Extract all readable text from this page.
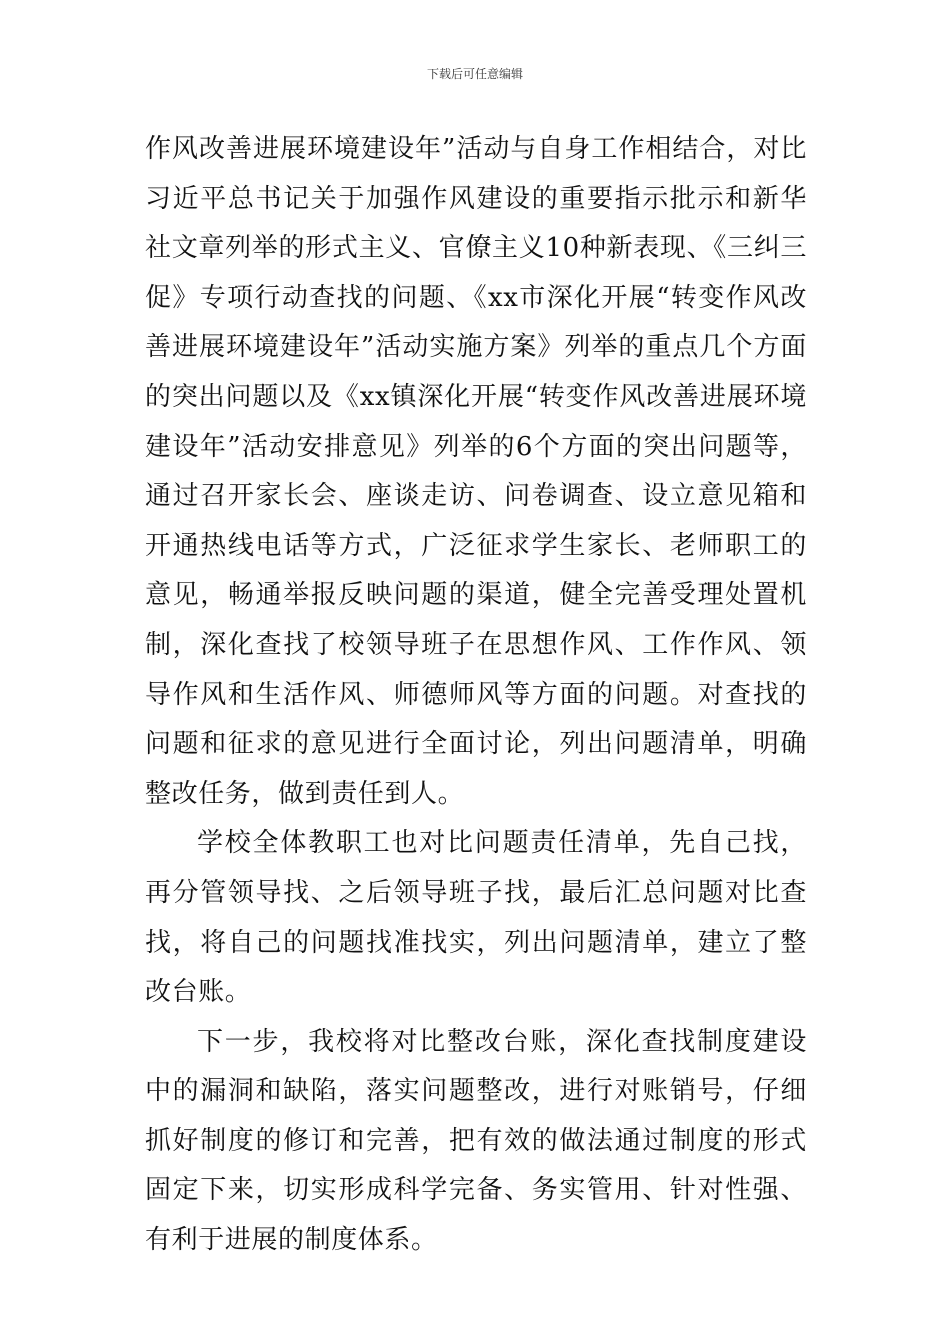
下载后可任意编辑

作风改善进展环境建设年”活动与自身工作相结合，对比习近平总书记关于加强作风建设的重要指示批示和新华社文章列举的形式主义、官僚主义10种新表现、《三纠三促》专项行动查找的问题、《xx市深化开展“转变作风改善进展环境建设年”活动实施方案》列举的重点几个方面的突出问题以及《xx镇深化开展“转变作风改善进展环境建设年”活动安排意见》列举的6个方面的突出问题等，通过召开家长会、座谈走访、问卷调查、设立意见箱和开通热线电话等方式，广泛征求学生家长、老师职工的意见，畅通举报反映问题的渠道，健全完善受理处置机制，深化查找了校领导班子在思想作风、工作作风、领导作风和生活作风、师德师风等方面的问题。对查找的问题和征求的意见进行全面讨论，列出问题清单，明确整改任务，做到责任到人。

学校全体教职工也对比问题责任清单，先自己找，再分管领导找、之后领导班子找，最后汇总问题对比查找，将自己的问题找准找实，列出问题清单，建立了整改台账。

下一步，我校将对比整改台账，深化查找制度建设中的漏洞和缺陷，落实问题整改，进行对账销号，仔细抓好制度的修订和完善，把有效的做法通过制度的形式固定下来，切实形成科学完备、务实管用、针对性强、有利于进展的制度体系。
